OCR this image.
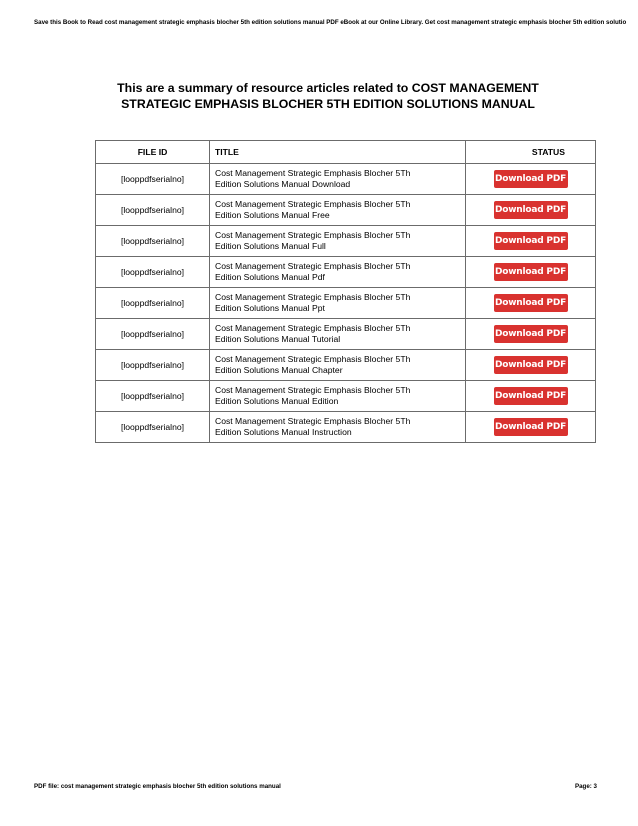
Save this Book to Read cost management strategic emphasis blocher 5th edition solutions manual PDF eBook at our Online Library. Get cost management strategic emphasis blocher 5th edition solutio
This are a summary of resource articles related to COST MANAGEMENT
STRATEGIC EMPHASIS BLOCHER 5TH EDITION SOLUTIONS MANUAL
FILE ID	TITLE	STATUS
[looppdfserialno]	Cost Management Strategic Emphasis Blocher 5Th
Edition Solutions Manual Download	Download PDF
[looppdfserialno]	Cost Management Strategic Emphasis Blocher 5Th
Edition Solutions Manual Free	Download PDF
[looppdfserialno]	Cost Management Strategic Emphasis Blocher 5Th
Edition Solutions Manual Full	Download PDF
[looppdfserialno]	Cost Management Strategic Emphasis Blocher 5Th
Edition Solutions Manual Pdf	Download PDF
[looppdfserialno]	Cost Management Strategic Emphasis Blocher 5Th
Edition Solutions Manual Ppt	Download PDF
[looppdfserialno]	Cost Management Strategic Emphasis Blocher 5Th
Edition Solutions Manual Tutorial	Download PDF
[looppdfserialno]	Cost Management Strategic Emphasis Blocher 5Th
Edition Solutions Manual Chapter	Download PDF
[looppdfserialno]	Cost Management Strategic Emphasis Blocher 5Th
Edition Solutions Manual Edition	Download PDF
[looppdfserialno]	Cost Management Strategic Emphasis Blocher 5Th
Edition Solutions Manual Instruction	Download PDF
PDF file: cost management strategic emphasis blocher 5th edition solutions manual	Page: 3
